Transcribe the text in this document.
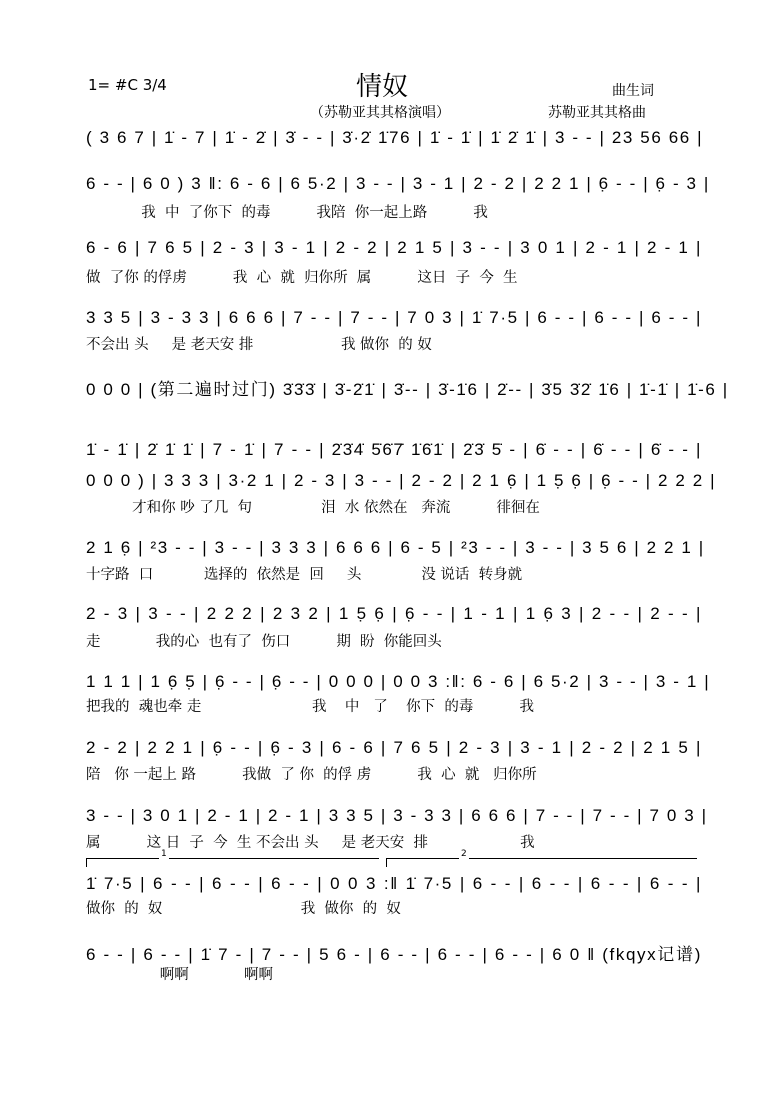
1= #C 3/4	情奴	曲生词
（苏勒亚其其格演唱）	苏勒亚其其格曲
1	2
( 3 6 7 | 1̇ - 7 | 1̇ - 2̇ | 3̇ - - | 3̇·2̇ 1̇76 | 1̇ - 1̇ | 1̇ 2̇ 1̇ | 3 - - | 23 56 66 |
6 - - | 6 0 ) 3 ‖: 6 - 6 | 6 5·2 | 3 - - | 3 - 1 | 2 - 2 | 2 2 1 | 6̣ - - | 6̣ - 3 |
我  中  了你下  的毒          我陪  你一起上路          我
6 - 6 | 7 6 5 | 2 - 3 | 3 - 1 | 2 - 2 | 2 1 5 | 3 - - | 3 0 1 | 2 - 1 | 2 - 1 |
做  了你 的俘虏          我  心  就  归你所  属          这日  子  今  生
3 3 5 | 3 - 3 3 | 6 6 6 | 7 - - | 7 - - | 7 0 3 | 1̇ 7·5 | 6 - - | 6 - - | 6 - - |
不会出 头     是 老天安 排                   我 做你  的 奴
0 0 0 | (第二遍时过门) 3̇3̇3̇ | 3̇-2̇1̇ | 3̇-- | 3̇-1̇6 | 2̇-- | 3̇5 3̇2̇ 1̇6 | 1̇-1̇ | 1̇-6 |
1̇ - 1̇ | 2̇ 1̇ 1̇ | 7 - 1̇ | 7 - - | 2̇3̇4̇ 5̇6̇7̇ 1̇6̇1̇ | 2̇3̇ 5̇ - | 6̇ - - | 6̇ - - | 6̇ - - |
0 0 0 ) | 3 3 3 | 3·2 1 | 2 - 3 | 3 - - | 2 - 2 | 2 1 6̣ | 1 5̣ 6̣ | 6̣ - - | 2 2 2 |
才和你 吵 了几  句               泪  水 依然在   奔流          徘徊在
2 1 6̣ | ²3 - - | 3 - - | 3 3 3 | 6 6 6 | 6 - 5 | ²3 - - | 3 - - | 3 5 6 | 2 2 1 |
十字路  口           选择的  依然是  回     头             没 说话  转身就
2 - 3 | 3 - - | 2 2 2 | 2 3 2 | 1 5̣ 6̣ | 6̣ - - | 1 - 1 | 1 6̣ 3 | 2 - - | 2 - - |
走            我的心  也有了  伤口          期  盼  你能回头
1 1 1 | 1 6̣ 5̣ | 6̣ - - | 6̣ - - | 0 0 0 | 0 0 3 :‖: 6 - 6 | 6 5·2 | 3 - - | 3 - 1 |
把我的  魂也牵 走                        我    中   了    你下  的毒          我
2 - 2 | 2 2 1 | 6̣ - - | 6̣ - 3 | 6 - 6 | 7 6 5 | 2 - 3 | 3 - 1 | 2 - 2 | 2 1 5 |
陪   你 一起上 路          我做  了 你  的俘 虏          我  心  就   归你所
3 - - | 3 0 1 | 2 - 1 | 2 - 1 | 3 3 5 | 3 - 3 3 | 6 6 6 | 7 - - | 7 - - | 7 0 3 |
属          这 日  子  今  生 不会出 头     是 老天安  排                    我
1̇ 7·5 | 6 - - | 6 - - | 6 - - | 0 0 3 :‖ 1̇ 7·5 | 6 - - | 6 - - | 6 - - | 6 - - |
做你  的  奴                              我  做你  的  奴
6 - - | 6 - - | 1̇ 7 - | 7 - - | 5 6 - | 6 - - | 6 - - | 6 - - | 6 0 ‖ (fkqyx记谱)
啊啊            啊啊
